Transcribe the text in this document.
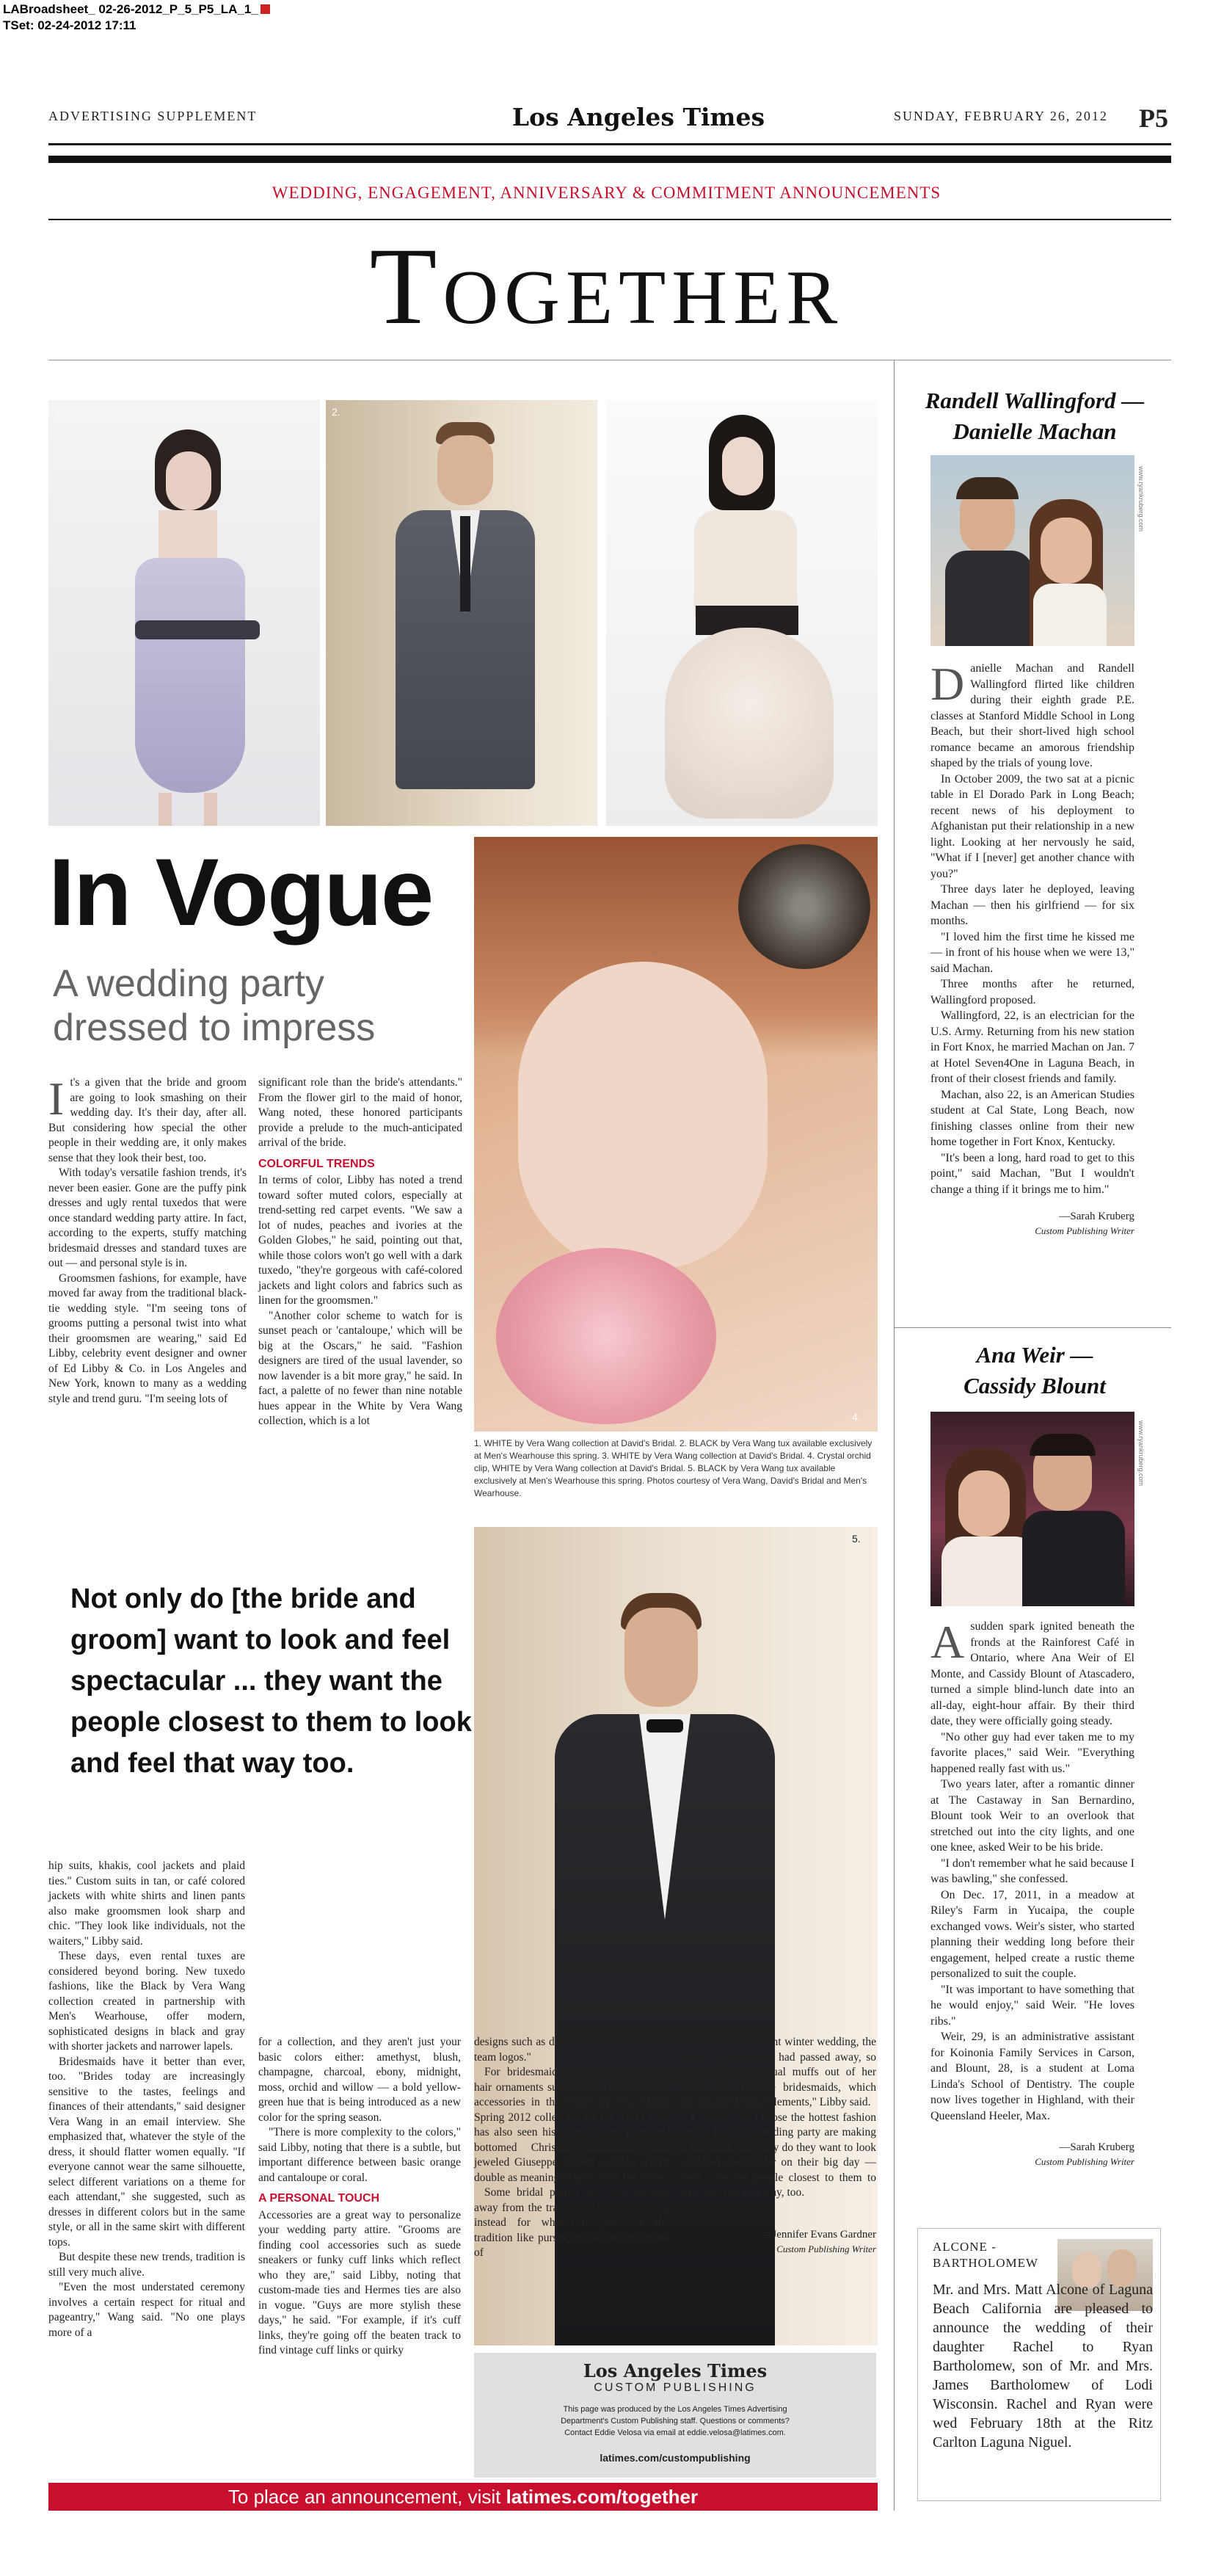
LABroadsheet_ 02-26-2012_P_5_P5_LA_1_
TSet: 02-24-2012 17:11
ADVERTISING SUPPLEMENT	Los Angeles Times	SUNDAY, FEBRUARY 26, 2012 P5
WEDDING, ENGAGEMENT, ANNIVERSARY & COMMITMENT ANNOUNCEMENTS
Together
1.	2.	3.
In Vogue
A wedding party
dressed to impress
4.
1. WHITE by Vera Wang collection at David's Bridal. 2. BLACK by Vera Wang tux available exclusively at Men's Wearhouse this spring. 3. WHITE by Vera Wang collection at David's Bridal. 4. Crystal orchid clip, WHITE by Vera Wang collection at David's Bridal. 5. BLACK by Vera Wang tux available exclusively at Men's Wearhouse this spring. Photos courtesy of Vera Wang, David's Bridal and Men's Wearhouse.

It's a given that the bride and groom are going to look smashing on their wedding day. It's their day, after all. But considering how special the other people in their wedding are, it only makes sense that they look their best, too.

With today's versatile fashion trends, it's never been easier. Gone are the puffy pink dresses and ugly rental tuxedos that were once standard wedding party attire. In fact, according to the experts, stuffy matching bridesmaid dresses and standard tuxes are out — and personal style is in.

Groomsmen fashions, for example, have moved far away from the traditional black-tie wedding style. "I'm seeing tons of grooms putting a personal twist into what their groomsmen are wearing," said Ed Libby, celebrity event designer and owner of Ed Libby & Co. in Los Angeles and New York, known to many as a wedding style and trend guru. "I'm seeing lots of

significant role than the bride's attendants." From the flower girl to the maid of honor, Wang noted, these honored participants provide a prelude to the much-anticipated arrival of the bride.

COLORFUL TRENDS

In terms of color, Libby has noted a trend toward softer muted colors, especially at trend-setting red carpet events. "We saw a lot of nudes, peaches and ivories at the Golden Globes," he said, pointing out that, while those colors won't go well with a dark tuxedo, "they're gorgeous with café-colored jackets and light colors and fabrics such as linen for the groomsmen."

"Another color scheme to watch for is sunset peach or 'cantaloupe,' which will be big at the Oscars," he said. "Fashion designers are tired of the usual lavender, so now lavender is a bit more gray," he said. In fact, a palette of no fewer than nine notable hues appear in the White by Vera Wang collection, which is a lot

5.
Not only do [the bride and groom] want to look and feel spectacular ... they want the people closest to them to look and feel that way too.

hip suits, khakis, cool jackets and plaid ties." Custom suits in tan, or café colored jackets with white shirts and linen pants also make groomsmen look sharp and chic. "They look like individuals, not the waiters," Libby said.

These days, even rental tuxes are considered beyond boring. New tuxedo fashions, like the Black by Vera Wang collection created in partnership with Men's Wearhouse, offer modern, sophisticated designs in black and gray with shorter jackets and narrower lapels.

Bridesmaids have it better than ever, too. "Brides today are increasingly sensitive to the tastes, feelings and finances of their attendants," said designer Vera Wang in an email interview. She emphasized that, whatever the style of the dress, it should flatter women equally. "If everyone cannot wear the same silhouette, select different variations on a theme for each attendant," she suggested, such as dresses in different colors but in the same style, or all in the same skirt with different tops.

But despite these new trends, tradition is still very much alive.

"Even the most understated ceremony involves a certain respect for ritual and pageantry," Wang said. "No one plays more of a

for a collection, and they aren't just your basic colors either: amethyst, blush, champagne, charcoal, ebony, midnight, moss, orchid and willow — a bold yellow-green hue that is being introduced as a new color for the spring season.

"There is more complexity to the colors," said Libby, noting that there is a subtle, but important difference between basic orange and cantaloupe or coral.

A PERSONAL TOUCH

Accessories are a great way to personalize your wedding party attire. "Grooms are finding cool accessories such as suede sneakers or funky cuff links which reflect who they are," said Libby, noting that custom-made ties and Hermes ties are also in vogue. "Guys are more stylish these days," he said. "For example, if it's cuff links, they're going off the beaten track to find vintage cuff links or quirky

designs such as dice, lions heads or sports team logos."

For bridesmaids, custom jewelry and hair ornaments such as the floral-inspired accessories in the White by Vera Wang Spring 2012 collection are hot. But Libby has also seen his share of matching red-bottomed Christian Louboutins and jeweled Giuseppe Zanotti sandals, which double as meaningful gifts from the bride.

Some bridal parties are even moving away from the traditional bouquet, opting instead for whimsical spins on the tradition like purses or clutches made out of

flowers. "For a recent winter wedding, the bride's grandmother had passed away, so we created individual muffs out of her mink stole for the bridesmaids, which incorporated floral elements," Libby said.

Couples who choose the hottest fashion trends for their wedding party are making a statement. Not only do they want to look and feel spectacular on their big day — they want the people closest to them to look and feel that way, too.

—Jennifer Evans Gardner
Custom Publishing Writer
Los Angeles Times
CUSTOM PUBLISHING
This page was produced by the Los Angeles Times Advertising
Department's Custom Publishing staff. Questions or comments?
Contact Eddie Velosa via email at eddie.velosa@latimes.com.
latimes.com/custompublishing
To place an announcement, visit latimes.com/together
Randell Wallingford —
Danielle Machan
www.ryankruberg.com

Danielle Machan and Randell Wallingford flirted like children during their eighth grade P.E. classes at Stanford Middle School in Long Beach, but their short-lived high school romance became an amorous friendship shaped by the trials of young love.

In October 2009, the two sat at a picnic table in El Dorado Park in Long Beach; recent news of his deployment to Afghanistan put their relationship in a new light. Looking at her nervously he said, "What if I [never] get another chance with you?"

Three days later he deployed, leaving Machan — then his girlfriend — for six months.

"I loved him the first time he kissed me — in front of his house when we were 13," said Machan.

Three months after he returned, Wallingford proposed.

Wallingford, 22, is an electrician for the U.S. Army. Returning from his new station in Fort Knox, he married Machan on Jan. 7 at Hotel Seven4One in Laguna Beach, in front of their closest friends and family.

Machan, also 22, is an American Studies student at Cal State, Long Beach, now finishing classes online from their new home together in Fort Knox, Kentucky.

"It's been a long, hard road to get to this point," said Machan, "But I wouldn't change a thing if it brings me to him."

—Sarah Kruberg
Custom Publishing Writer
Ana Weir —
Cassidy Blount
www.ryankruberg.com

Asudden spark ignited beneath the fronds at the Rainforest Café in Ontario, where Ana Weir of El Monte, and Cassidy Blount of Atascadero, turned a simple blind-lunch date into an all-day, eight-hour affair. By their third date, they were officially going steady.

"No other guy had ever taken me to my favorite places," said Weir. "Everything happened really fast with us."

Two years later, after a romantic dinner at The Castaway in San Bernardino, Blount took Weir to an overlook that stretched out into the city lights, and one one knee, asked Weir to be his bride.

"I don't remember what he said because I was bawling," she confessed.

On Dec. 17, 2011, in a meadow at Riley's Farm in Yucaipa, the couple exchanged vows. Weir's sister, who started planning their wedding long before their engagement, helped create a rustic theme personalized to suit the couple.

"It was important to have something that he would enjoy," said Weir. "He loves ribs."

Weir, 29, is an administrative assistant for Koinonia Family Services in Carson, and Blount, 28, is a student at Loma Linda's School of Dentistry. The couple now lives together in Highland, with their Queensland Heeler, Max.

—Sarah Kruberg
Custom Publishing Writer
ALCONE -
BARTHOLOMEW
Mr. and Mrs. Matt Alcone of Laguna Beach California are pleased to announce the wedding of their daughter Rachel to Ryan Bartholomew, son of Mr. and Mrs. James Bartholomew of Lodi Wisconsin. Rachel and Ryan were wed February 18th at the Ritz Carlton Laguna Niguel.
